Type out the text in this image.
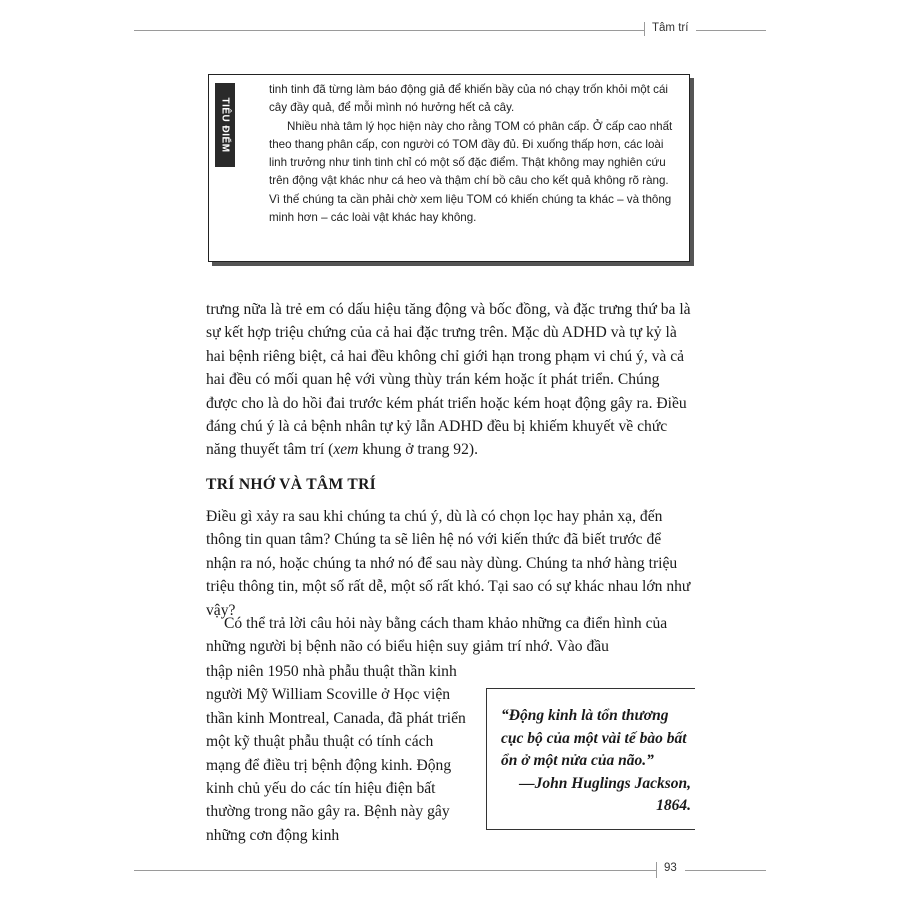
Tâm trí
TIÊU ĐIỂM

tinh tinh đã từng làm báo động giả để khiến bầy của nó chạy trốn khỏi một cái cây đầy quả, để mỗi mình nó hưởng hết cả cây.

Nhiều nhà tâm lý học hiện này cho rằng TOM có phân cấp. Ở cấp cao nhất theo thang phân cấp, con người có TOM đầy đủ. Đi xuống thấp hơn, các loài linh trưởng như tinh tinh chỉ có một số đặc điểm. Thật không may nghiên cứu trên động vật khác như cá heo và thậm chí bồ câu cho kết quả không rõ ràng. Vì thế chúng ta cần phải chờ xem liệu TOM có khiến chúng ta khác – và thông minh hơn – các loài vật khác hay không.

trưng nữa là trẻ em có dấu hiệu tăng động và bốc đồng, và đặc trưng thứ ba là sự kết hợp triệu chứng của cả hai đặc trưng trên. Mặc dù ADHD và tự kỷ là hai bệnh riêng biệt, cả hai đều không chỉ giới hạn trong phạm vi chú ý, và cả hai đều có mối quan hệ với vùng thùy trán kém hoặc ít phát triển. Chúng được cho là do hồi đai trước kém phát triển hoặc kém hoạt động gây ra. Điều đáng chú ý là cả bệnh nhân tự kỷ lẫn ADHD đều bị khiếm khuyết về chức năng thuyết tâm trí (xem khung ở trang 92).

TRÍ NHỚ VÀ TÂM TRÍ
Điều gì xảy ra sau khi chúng ta chú ý, dù là có chọn lọc hay phản xạ, đến thông tin quan tâm? Chúng ta sẽ liên hệ nó với kiến thức đã biết trước để nhận ra nó, hoặc chúng ta nhớ nó để sau này dùng. Chúng ta nhớ hàng triệu triệu thông tin, một số rất dễ, một số rất khó. Tại sao có sự khác nhau lớn như vậy?
Có thể trả lời câu hỏi này bằng cách tham khảo những ca điển hình của những người bị bệnh não có biểu hiện suy giảm trí nhớ. Vào đầu
thập niên 1950 nhà phẫu thuật thần kinh người Mỹ William Scoville ở Học viện thần kinh Montreal, Canada, đã phát triển một kỹ thuật phẫu thuật có tính cách mạng để điều trị bệnh động kinh. Động kinh chủ yếu do các tín hiệu điện bất thường trong não gây ra. Bệnh này gây những cơn động kinh
“Động kinh là tổn thương cục bộ của một vài tế bào bất ổn ở một nửa của não.”
—John Huglings Jackson, 1864.
93
